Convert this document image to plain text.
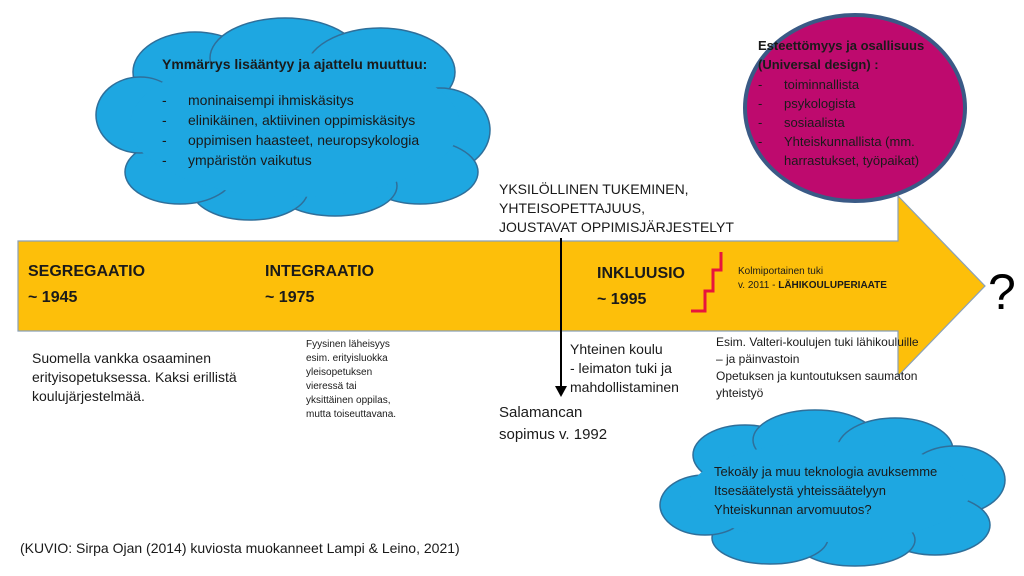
Ymmärrys lisääntyy ja ajattelu muuttuu:
- moninaisempi ihmiskäsitys
- elinikäinen, aktiivinen oppimiskäsitys
- oppimisen haasteet, neuropsykologia
- ympäristön vaikutus
Esteettömyys ja osallisuus
(Universal design) :
- toiminnallista
- psykologista
- sosiaalista
- Yhteiskunnallista (mm. harrastukset, työpaikat)
YKSILÖLLINEN TUKEMINEN,
YHTEISOPETTAJUUS,
JOUSTAVAT OPPIMISJÄRJESTELYT
SEGREGAATIO
~ 1945
INTEGRAATIO
~ 1975
INKLUUSIO
~ 1995
Kolmiportainen tuki
v. 2011 - LÄHIKOULUPERIAATE ?
Suomella vankka osaaminen erityisopetuksessa. Kaksi erillistä koulujärjestelmää.
Fyysinen läheisyys esim. erityisluokka yleisopetuksen vieressä tai yksittäinen oppilas, mutta toiseuttavana.
Yhteinen koulu
- leimaton tuki ja
mahdollistaminen
Salamancan
sopimus v. 1992
Esim. Valteri-koulujen tuki lähikouluille
– ja päinvastoin
Opetuksen ja kuntoutuksen saumaton
yhteistyö
Tekoäly ja muu teknologia avuksemme
Itsesäätelystä yhteissäätelyyn
Yhteiskunnan arvomuutos?
(KUVIO: Sirpa Ojan (2014) kuviosta muokanneet Lampi & Leino, 2021)
